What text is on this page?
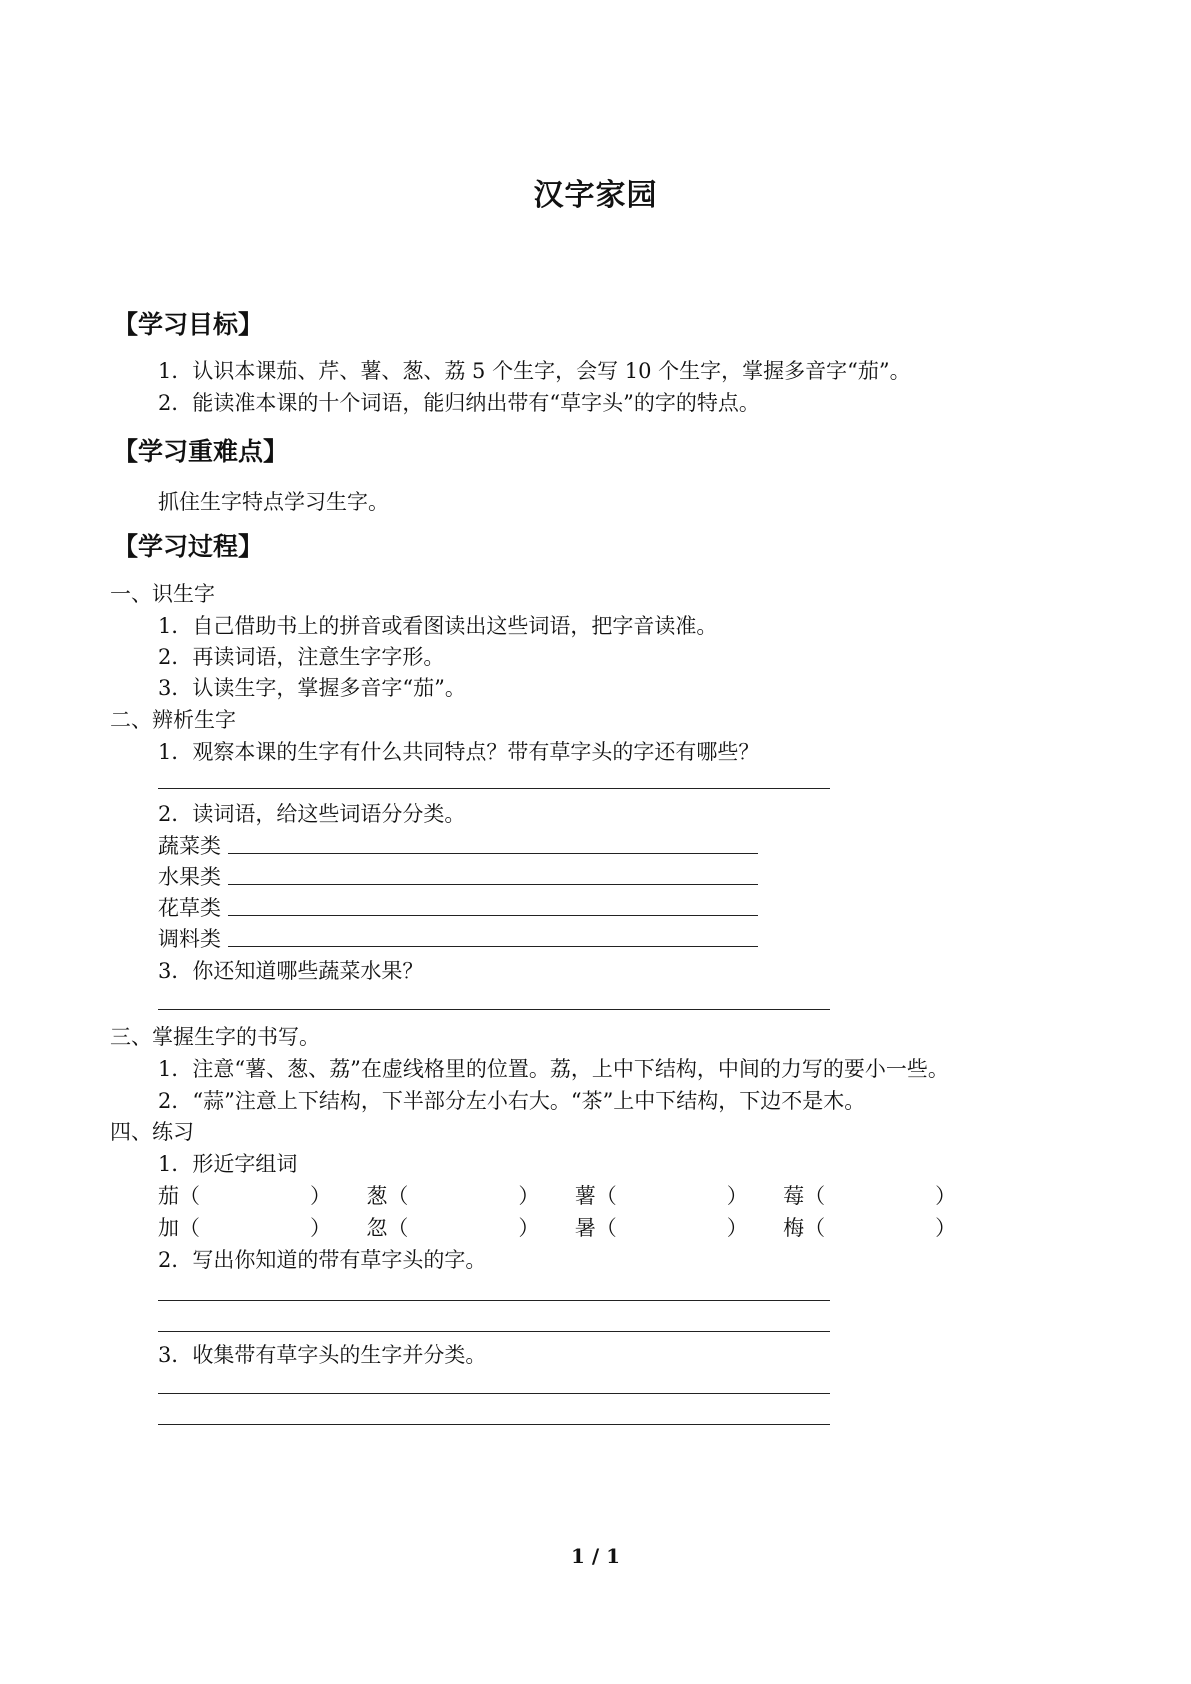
汉字家园
【学习目标】
1．认识本课茄、芹、薯、葱、荔 5 个生字，会写 10 个生字，掌握多音字“茄”。
2．能读准本课的十个词语，能归纳出带有“草字头”的字的特点。
【学习重难点】
抓住生字特点学习生字。
【学习过程】
一、识生字
1．自己借助书上的拼音或看图读出这些词语，把字音读准。
2．再读词语，注意生字字形。
3．认读生字，掌握多音字“茄”。
二、辨析生字
1．观察本课的生字有什么共同特点？带有草字头的字还有哪些？
2．读词语，给这些词语分分类。
蔬菜类
水果类
花草类
调料类
3．你还知道哪些蔬菜水果？
三、掌握生字的书写。
1．注意“薯、葱、荔”在虚线格里的位置。荔，上中下结构，中间的力写的要小一些。
2．“蒜”注意上下结构，下半部分左小右大。“茶”上中下结构，下边不是木。
四、练习
1．形近字组词
茄（	） 葱（	） 薯（	） 莓（	）
加（	） 忽（	） 暑（	） 梅（	）
2．写出你知道的带有草字头的字。
3．收集带有草字头的生字并分类。
1 / 1
